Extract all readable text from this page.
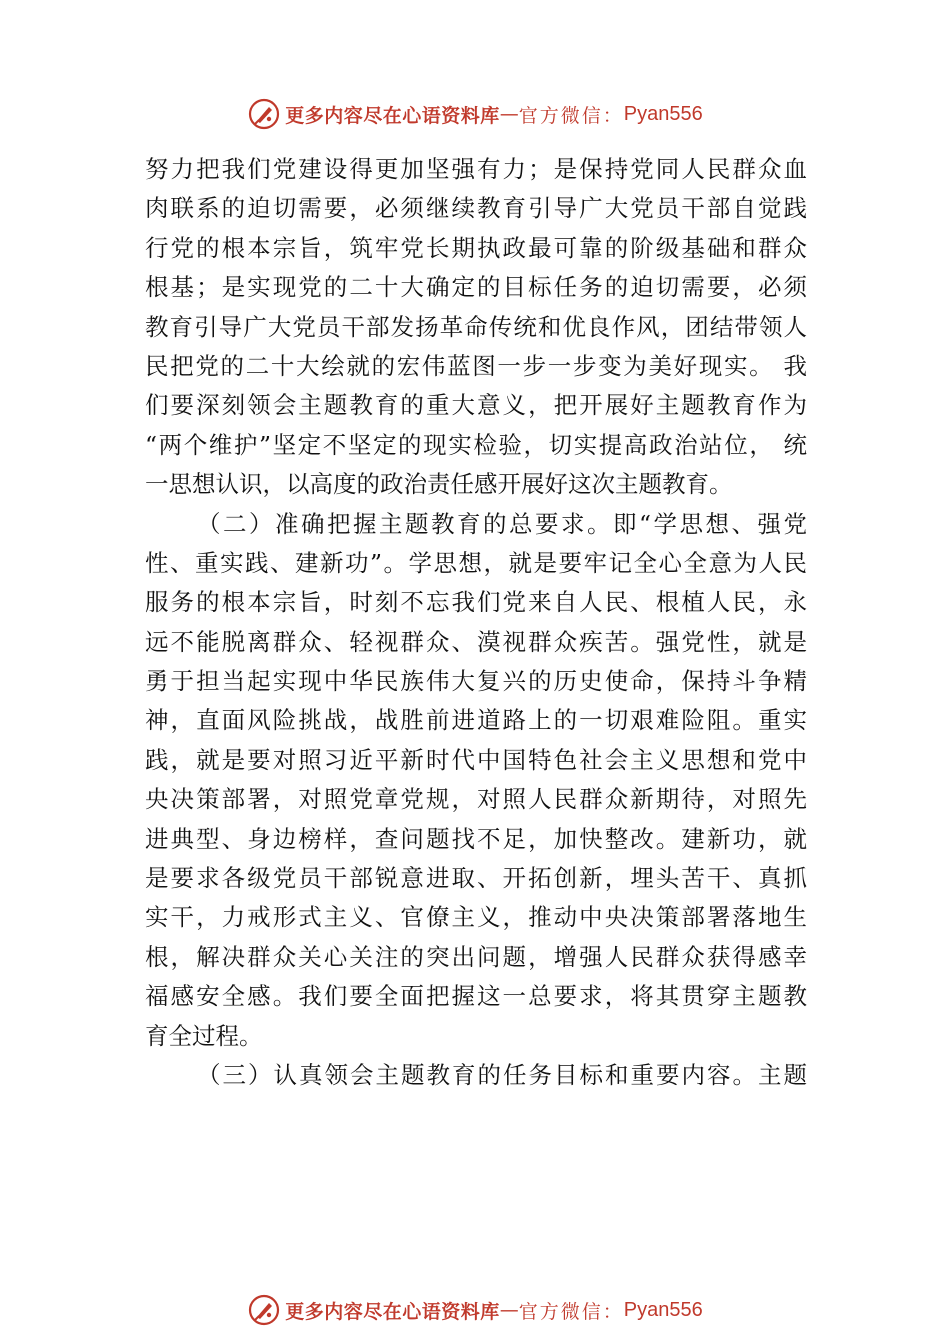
更多内容尽在心语资料库 — 官方微信： Pyan556
努力把我们党建设得更加坚强有力；是保持党同人民群众血
肉联系的迫切需要，必须继续教育引导广大党员干部自觉践
行党的根本宗旨，筑牢党长期执政最可靠的阶级基础和群众
根基；是实现党的二十大确定的目标任务的迫切需要，必须
教育引导广大党员干部发扬革命传统和优良作风，团结带领人
民把党的二十大绘就的宏伟蓝图一步一步变为美好现实。 我
们要深刻领会主题教育的重大意义，把开展好主题教育作为
“两个维护”坚定不坚定的现实检验，切实提高政治站位， 统
一思想认识，以高度的政治责任感开展好这次主题教育。
（二）准确把握主题教育的总要求。即“学思想、强党
性、重实践、建新功”。学思想，就是要牢记全心全意为人民
服务的根本宗旨，时刻不忘我们党来自人民、根植人民，永
远不能脱离群众、轻视群众、漠视群众疾苦。强党性，就是
勇于担当起实现中华民族伟大复兴的历史使命，保持斗争精
神，直面风险挑战，战胜前进道路上的一切艰难险阻。重实
践，就是要对照习近平新时代中国特色社会主义思想和党中
央决策部署，对照党章党规，对照人民群众新期待，对照先
进典型、身边榜样，查问题找不足，加快整改。建新功，就
是要求各级党员干部锐意进取、开拓创新，埋头苦干、真抓
实干，力戒形式主义、官僚主义，推动中央决策部署落地生
根，解决群众关心关注的突出问题，增强人民群众获得感幸
福感安全感。我们要全面把握这一总要求，将其贯穿主题教
育全过程。
（三）认真领会主题教育的任务目标和重要内容。主题
更多内容尽在心语资料库 — 官方微信： Pyan556
